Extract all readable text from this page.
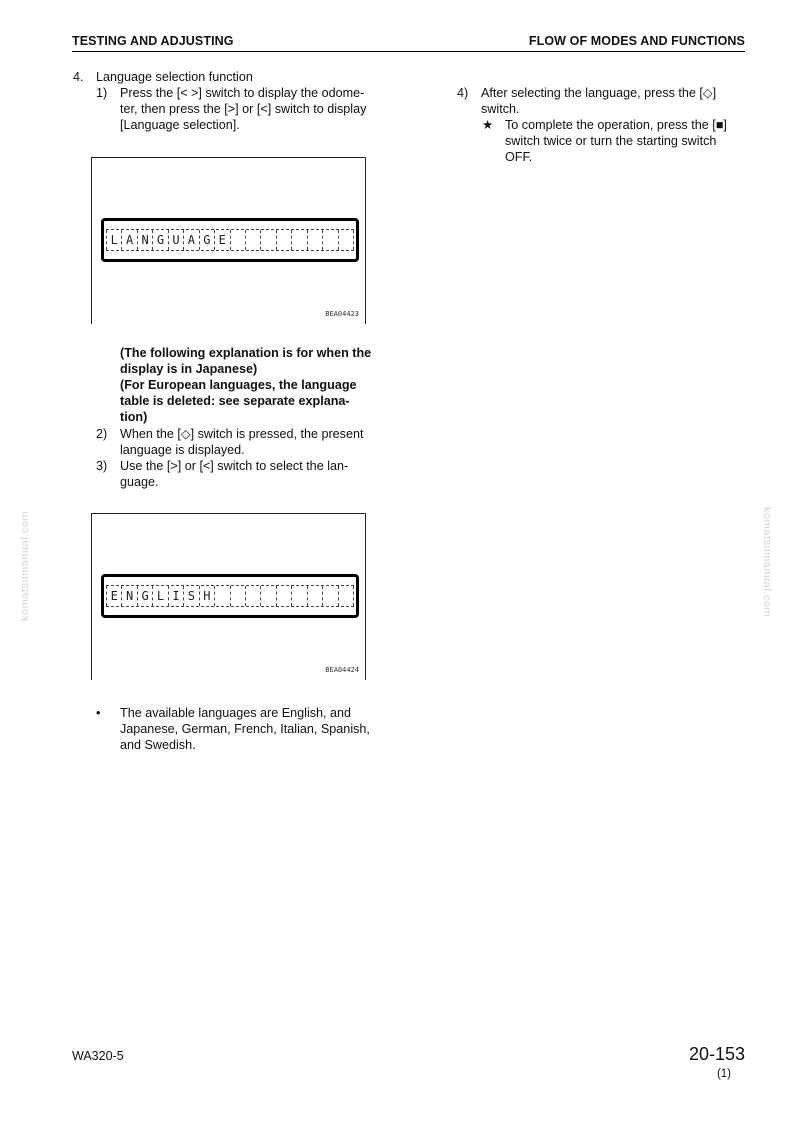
TESTING AND ADJUSTING	FLOW OF MODES AND FUNCTIONS
4. Language selection function
1) Press the [< >] switch to display the odome-
ter, then press the [>] or [<] switch to display
[Language selection].
L A N G U A G E
BEA04423
(The following explanation is for when the
display is in Japanese)
(For European languages, the language
table is deleted: see separate explana-
tion)
2) When the [◇] switch is pressed, the present
language is displayed.
3) Use the [>] or [<] switch to select the lan-
guage.
E N G L I S H
BEA04424
• The available languages are English, and
Japanese, German, French, Italian, Spanish,
and Swedish.
4) After selecting the language, press the [◇]
switch.
★ To complete the operation, press the [■]
switch twice or turn the starting switch
OFF.
komatsumanual.com	komatsumanual.com
WA320-5	20-153
(1)
